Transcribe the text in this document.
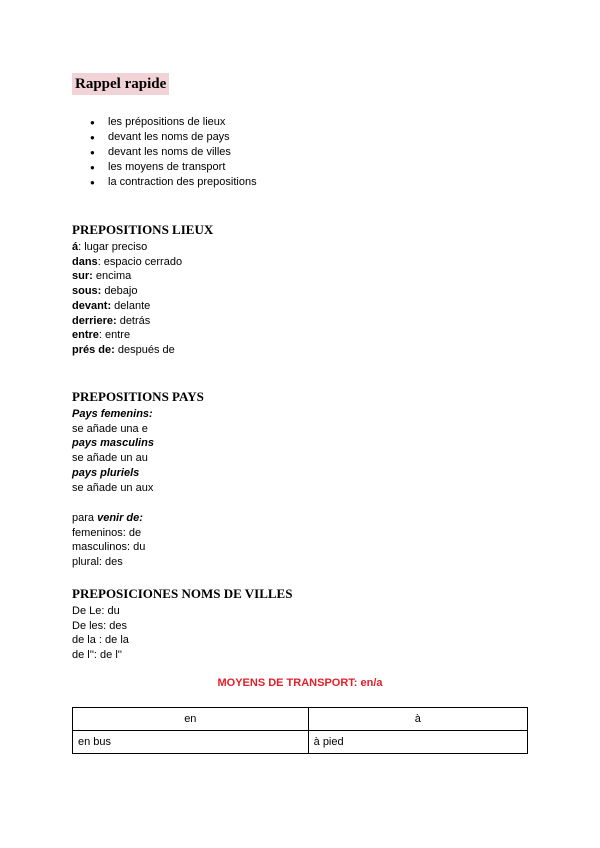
Rappel rapide
● les prépositions de lieux
● devant les noms de pays
● devant les noms de villes
● les moyens de transport
● la contraction des prepositions
PREPOSITIONS LIEUX
á: lugar preciso
dans: espacio cerrado
sur: encima
sous: debajo
devant: delante
derriere: detrás
entre: entre
prés de: después de
PREPOSITIONS PAYS
Pays femenins:
se añade una e
pays masculins
se añade un au
pays pluriels
se añade un aux
para venir de:
femeninos: de
masculinos: du
plural: des
PREPOSICIONES NOMS DE VILLES
De Le: du
De les: des
de la : de la
de l'': de l''
MOYENS DE TRANSPORT: en/a
en	à
en bus	à pied
